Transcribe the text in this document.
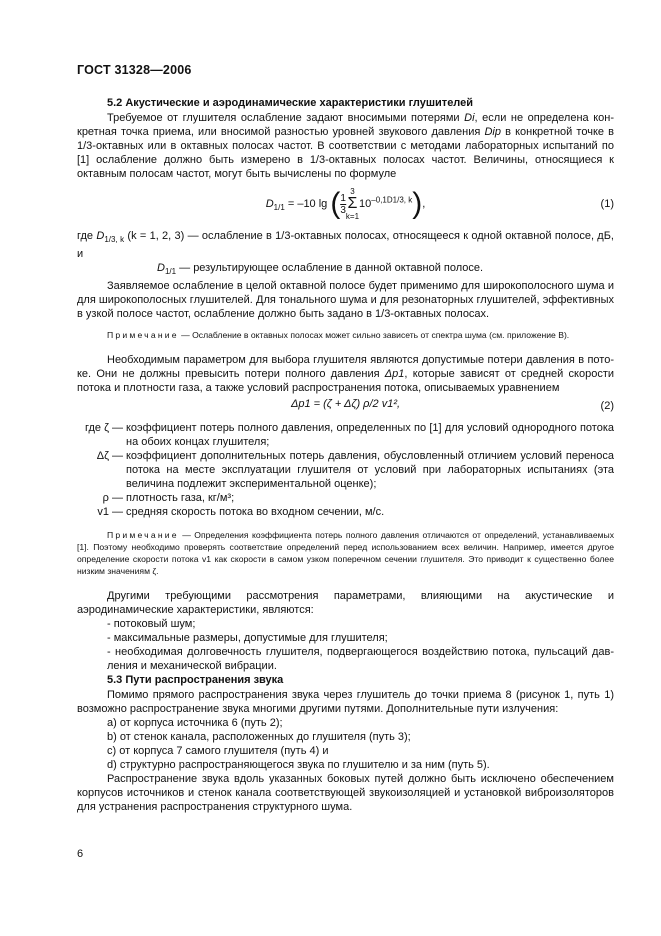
ГОСТ 31328—2006

5.2 Акустические и аэродинамические характеристики глушителей

Требуемое от глушителя ослабление задают вносимыми потерями Di, если не определена конкретная точка приема, или вносимой разностью уровней звукового давления Dip в конкретной точке в 1/3-октавных или в октавных полосах частот. В соответствии с методами лабораторных испытаний по [1] ослабление должно быть измерено в 1/3-октавных полосах частот. Величины, относящиеся к октавным полосам частот, могут быть вычислены по формуле

$D_{1/1} = -10$ lg ( $\frac{1}{3}$
3
Σ
k=1
$10^{-0,1D1/3, k}$),	(1)

где $D_{1/3, k}$ (k = 1, 2, 3) — ослабление в 1/3-октавных полосах, относящееся к одной октавной полосе, дБ, и

$D_{1/1}$ — результирующее ослабление в данной октавной полосе.

Заявляемое ослабление в целой октавной полосе будет применимо для широкополосного шума и для широкополосных глушителей. Для тонального шума и для резонаторных глушителей, эффективных в узкой полосе частот, ослабление должно быть задано в 1/3-октавных полосах.

Примечание — Ослабление в октавных полосах может сильно зависеть от спектра шума (см. приложение В).

Необходимым параметром для выбора глушителя являются допустимые потери давления в потоке. Они не должны превысить потери полного давления Δp1, которые зависят от средней скорости потока и плотности газа, а также условий распространения потока, описываемых уравнением

Δp1 = (ζ + Δζ) ρ/2 v1²,	(2)
где ζ — коэффициент потерь полного давления, определенных по [1] для условий однородного потока на обоих концах глушителя;
Δζ — коэффициент дополнительных потерь давления, обусловленный отличием условий переноса потока на месте эксплуатации глушителя от условий при лабораторных испытаниях (эта величина подлежит экспериментальной оценке);
ρ — плотность газа, кг/м³;
v1 — средняя скорость потока во входном сечении, м/с.

Примечание — Определения коэффициента потерь полного давления отличаются от определений, устанавливаемых [1]. Поэтому необходимо проверять соответствие определений перед использованием всех величин. Например, имеется другое определение скорости потока v1 как скорости в самом узком поперечном сечении глушителя. Это приводит к существенно более низким значениям ζ.

Другими требующими рассмотрения параметрами, влияющими на акустические и аэродинамические характеристики, являются:

- потоковый шум;

- максимальные размеры, допустимые для глушителя;

- необходимая долговечность глушителя, подвергающегося воздействию потока, пульсаций давления и механической вибрации.

5.3 Пути распространения звука

Помимо прямого распространения звука через глушитель до точки приема 8 (рисунок 1, путь 1) возможно распространение звука многими другими путями. Дополнительные пути излучения:

a) от корпуса источника 6 (путь 2);

b) от стенок канала, расположенных до глушителя (путь 3);

c) от корпуса 7 самого глушителя (путь 4) и

d) структурно распространяющегося звука по глушителю и за ним (путь 5).

Распространение звука вдоль указанных боковых путей должно быть исключено обеспечением корпусов источников и стенок канала соответствующей звукоизоляцией и установкой виброизоляторов для устранения распространения структурного шума.

6
